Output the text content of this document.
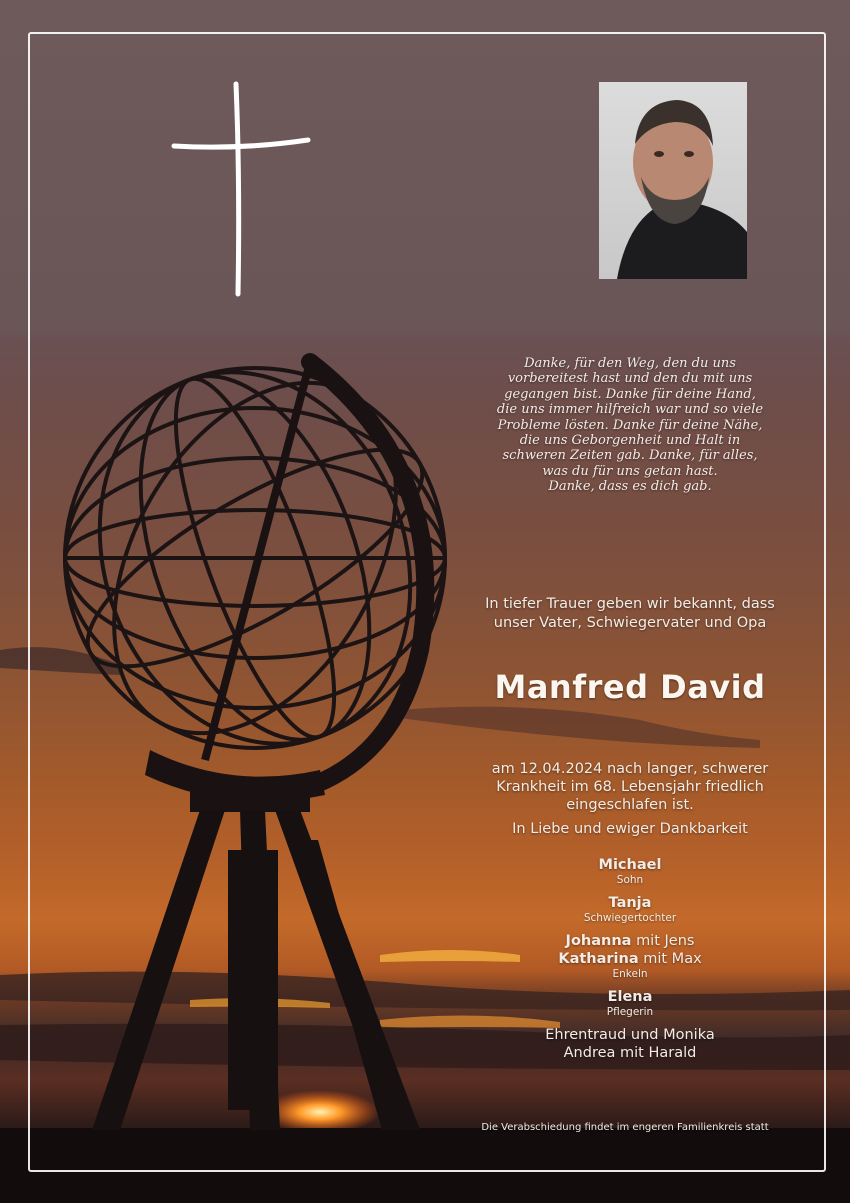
Danke, für den Weg, den du uns
vorbereitest hast und den du mit uns
gegangen bist. Danke für deine Hand,
die uns immer hilfreich war und so viele
Probleme lösten. Danke für deine Nähe,
die uns Geborgenheit und Halt in
schweren Zeiten gab. Danke, für alles,
was du für uns getan hast.
Danke, dass es dich gab.
In tiefer Trauer geben wir bekannt, dass
unser Vater, Schwiegervater und Opa
Manfred David
am 12.04.2024 nach langer, schwerer
Krankheit im 68. Lebensjahr friedlich
eingeschlafen ist.
In Liebe und ewiger Dankbarkeit
Michael
Sohn
Tanja
Schwiegertochter
Johanna mit Jens
Katharina mit Max
Enkeln
Elena
Pflegerin
Ehrentraud und Monika
Andrea mit Harald
Die Verabschiedung findet im engeren Familienkreis statt
